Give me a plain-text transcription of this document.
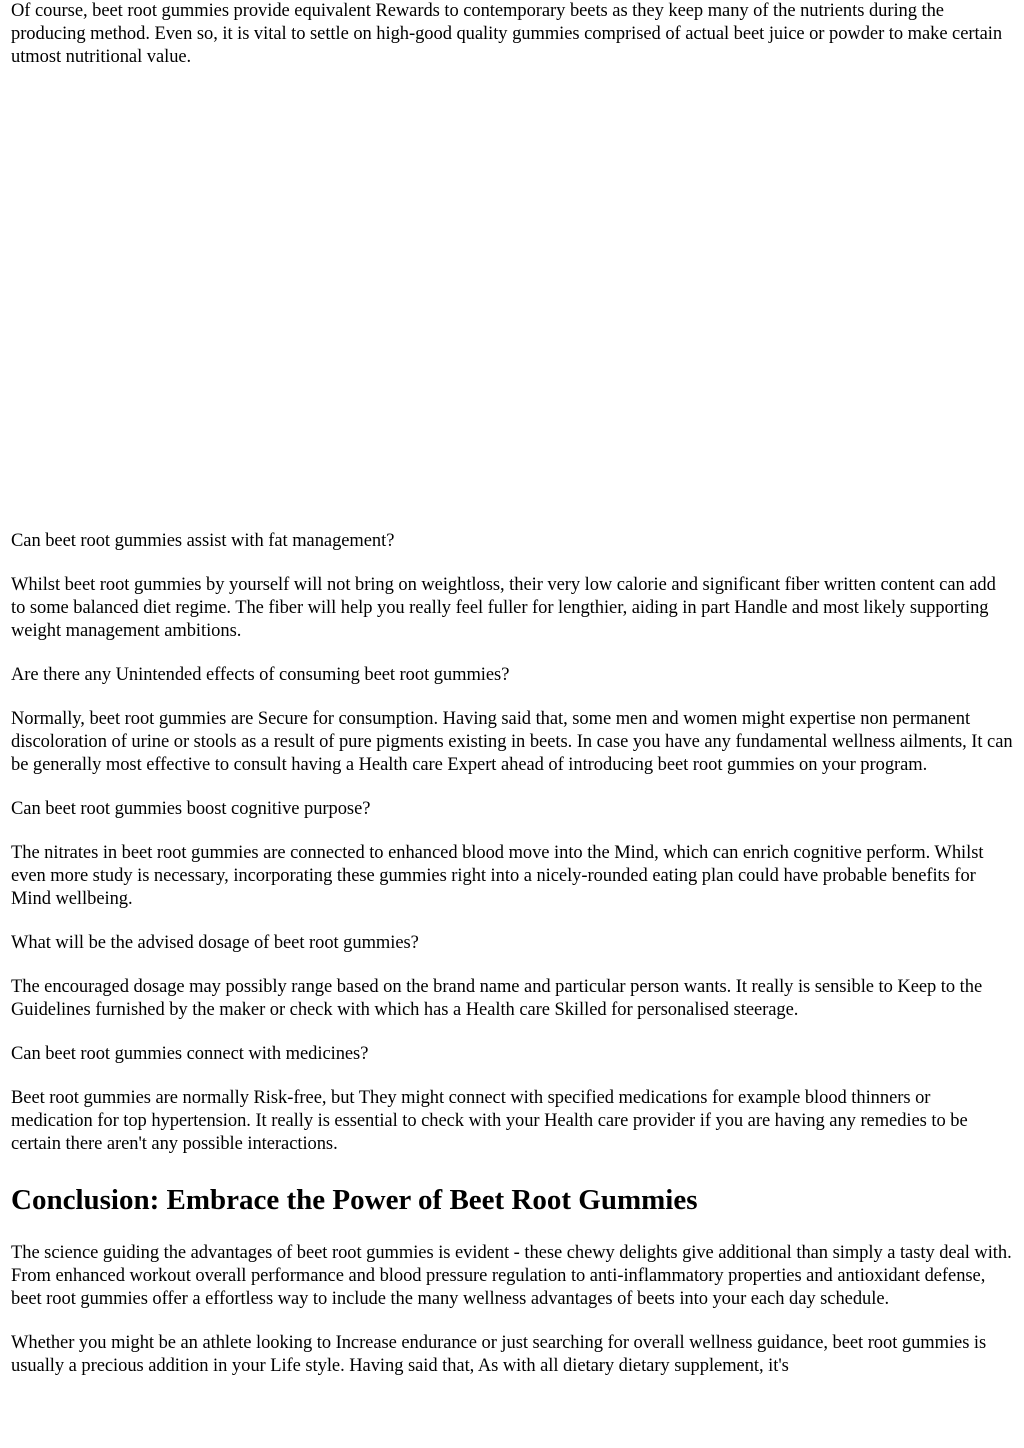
Of course, beet root gummies provide equivalent Rewards to contemporary beets as they keep many of the nutrients during the producing method. Even so, it is vital to settle on high-good quality gummies comprised of actual beet juice or powder to make certain utmost nutritional value.

Can beet root gummies assist with fat management?

Whilst beet root gummies by yourself will not bring on weightloss, their very low calorie and significant fiber written content can add to some balanced diet regime. The fiber will help you really feel fuller for lengthier, aiding in part Handle and most likely supporting weight management ambitions.

Are there any Unintended effects of consuming beet root gummies?

Normally, beet root gummies are Secure for consumption. Having said that, some men and women might expertise non permanent discoloration of urine or stools as a result of pure pigments existing in beets. In case you have any fundamental wellness ailments, It can be generally most effective to consult having a Health care Expert ahead of introducing beet root gummies on your program.

Can beet root gummies boost cognitive purpose?

The nitrates in beet root gummies are connected to enhanced blood move into the Mind, which can enrich cognitive perform. Whilst even more study is necessary, incorporating these gummies right into a nicely-rounded eating plan could have probable benefits for Mind wellbeing.

What will be the advised dosage of beet root gummies?

The encouraged dosage may possibly range based on the brand name and particular person wants. It really is sensible to Keep to the Guidelines furnished by the maker or check with which has a Health care Skilled for personalised steerage.

Can beet root gummies connect with medicines?

Beet root gummies are normally Risk-free, but They might connect with specified medications for example blood thinners or medication for top hypertension. It really is essential to check with your Health care provider if you are having any remedies to be certain there aren't any possible interactions.

Conclusion: Embrace the Power of Beet Root Gummies

The science guiding the advantages of beet root gummies is evident - these chewy delights give additional than simply a tasty deal with. From enhanced workout overall performance and blood pressure regulation to anti-inflammatory properties and antioxidant defense, beet root gummies offer a effortless way to include the many wellness advantages of beets into your each day schedule.

Whether you might be an athlete looking to Increase endurance or just searching for overall wellness guidance, beet root gummies is usually a precious addition in your Life style. Having said that, As with all dietary dietary supplement, it's
